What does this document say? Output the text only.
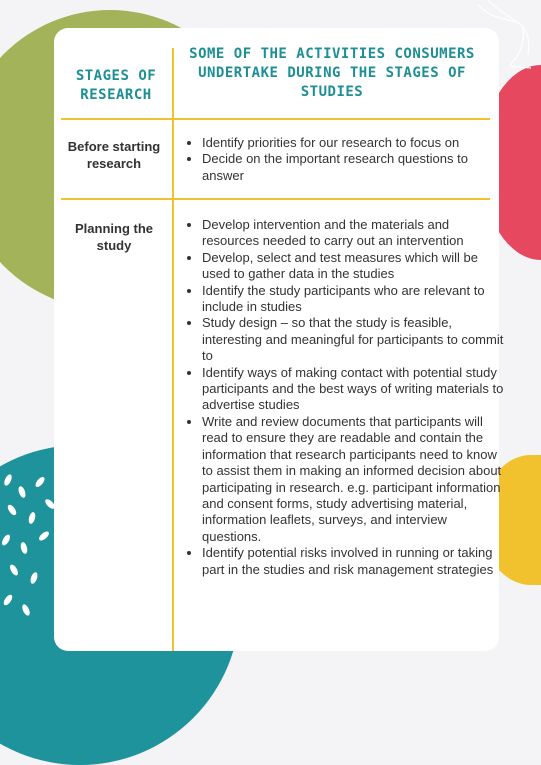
STAGES OF RESEARCH
SOME OF THE ACTIVITIES CONSUMERS UNDERTAKE DURING THE STAGES OF STUDIES
Before starting research
• Identify priorities for our research to focus on
• Decide on the important research questions to answer
Planning the study
• Develop intervention and the materials and resources needed to carry out an intervention
• Develop, select and test measures which will be used to gather data in the studies
• Identify the study participants who are relevant to include in studies
• Study design – so that the study is feasible, interesting and meaningful for participants to commit to
• Identify ways of making contact with potential study participants and the best ways of writing materials to advertise studies
• Write and review documents that participants will read to ensure they are readable and contain the information that research participants need to know to assist them in making an informed decision about participating in research. e.g. participant information and consent forms, study advertising material, information leaflets, surveys, and interview questions.
• Identify potential risks involved in running or taking part in the studies and risk management strategies
